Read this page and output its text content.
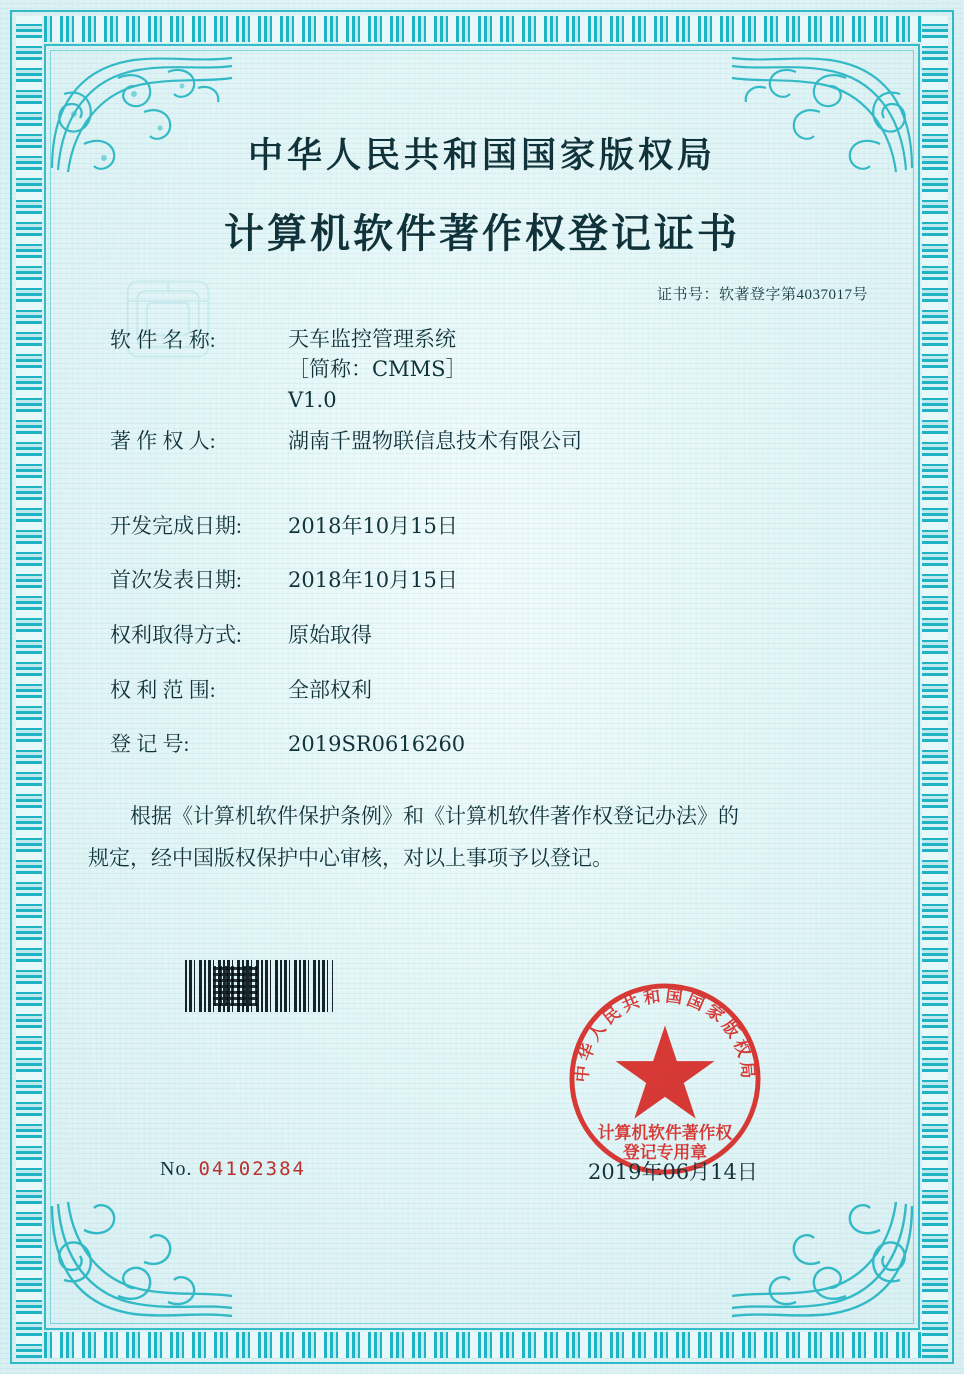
中华人民共和国国家版权局
计算机软件著作权登记证书
证书号：软著登字第4037017号
软 件 名 称:	天车监控管理系统
［简称：CMMS］
V1.0
著 作 权 人:	湖南千盟物联信息技术有限公司
开发完成日期:	2018年10月15日
首次发表日期:	2018年10月15日
权利取得方式:	原始取得
权 利 范 围:	全部权利
登 记 号:	2019SR0616260
根据《计算机软件保护条例》和《计算机软件著作权登记办法》的
规定，经中国版权保护中心审核，对以上事项予以登记。
中华人民共和国国家版权局
计算机软件著作权
登记专用章
No. 04102384	2019年06月14日
